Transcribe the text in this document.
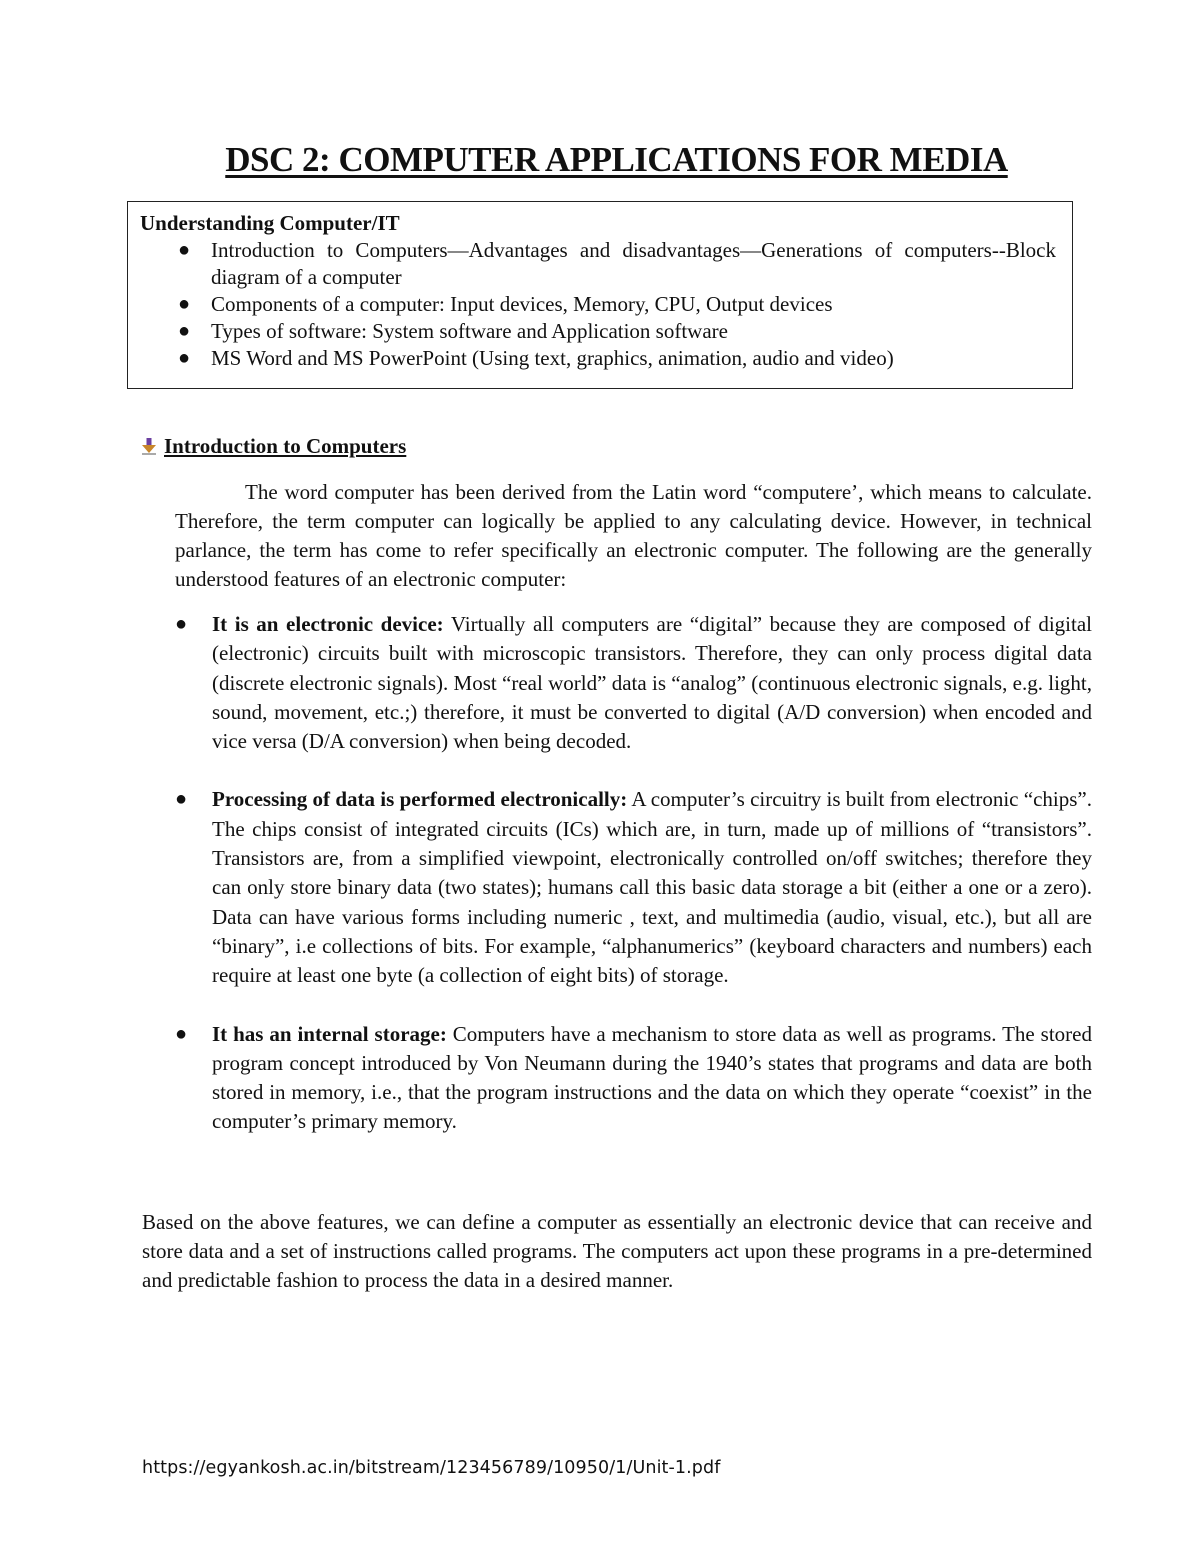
DSC 2: COMPUTER APPLICATIONS FOR MEDIA
Understanding Computer/IT
● Introduction to Computers—Advantages and disadvantages—Generations of computers--Block diagram of a computer
● Components of a computer: Input devices, Memory, CPU, Output devices
● Types of software: System software and Application software
● MS Word and MS PowerPoint (Using text, graphics, animation, audio and video)
Introduction to Computers

The word computer has been derived from the Latin word “computere’, which means to calculate. Therefore, the term computer can logically be applied to any calculating device. However, in technical parlance, the term has come to refer specifically an electronic computer. The following are the generally understood features of an electronic computer:

● It is an electronic device: Virtually all computers are “digital” because they are composed of digital (electronic) circuits built with microscopic transistors. Therefore, they can only process digital data (discrete electronic signals). Most “real world” data is “analog” (continuous electronic signals, e.g. light, sound, movement, etc.;) therefore, it must be converted to digital (A/D conversion) when encoded and vice versa (D/A conversion) when being decoded.
● Processing of data is performed electronically: A computer’s circuitry is built from electronic “chips”. The chips consist of integrated circuits (ICs) which are, in turn, made up of millions of “transistors”. Transistors are, from a simplified viewpoint, electronically controlled on/off switches; therefore they can only store binary data (two states); humans call this basic data storage a bit (either a one or a zero). Data can have various forms including numeric , text, and multimedia (audio, visual, etc.), but all are “binary”, i.e collections of bits. For example, “alphanumerics” (keyboard characters and numbers) each require at least one byte (a collection of eight bits) of storage.
● It has an internal storage: Computers have a mechanism to store data as well as programs. The stored program concept introduced by Von Neumann during the 1940’s states that programs and data are both stored in memory, i.e., that the program instructions and the data on which they operate “coexist” in the computer’s primary memory.

Based on the above features, we can define a computer as essentially an electronic device that can receive and store data and a set of instructions called programs. The computers act upon these programs in a pre-determined and predictable fashion to process the data in a desired manner.

https://egyankosh.ac.in/bitstream/123456789/10950/1/Unit-1.pdf
